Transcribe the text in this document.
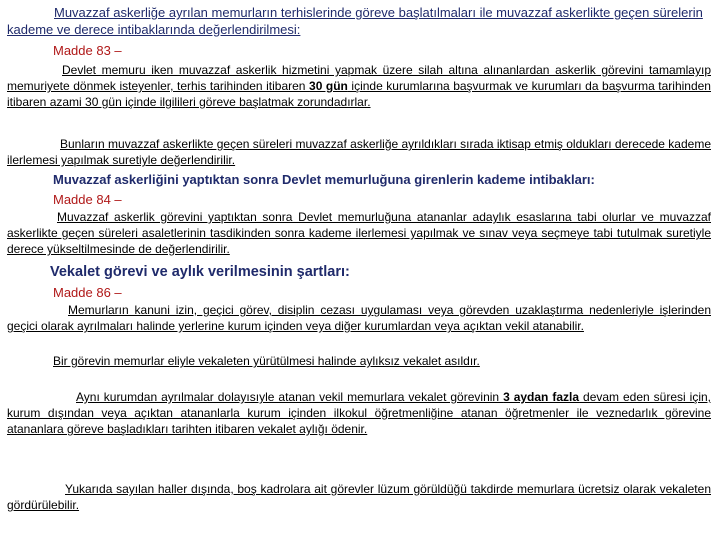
Muvazzaf askerliğe ayrılan memurların terhislerinde göreve başlatılmaları ile muvazzaf askerlikte geçen sürelerin kademe ve derece intibaklarında değerlendirilmesi:
Madde 83 –
Devlet memuru iken muvazzaf askerlik hizmetini yapmak üzere silah altına alınanlardan askerlik görevini tamamlayıp memuriyete dönmek isteyenler, terhis tarihinden itibaren 30 gün içinde kurumlarına başvurmak ve kurumları da başvurma tarihinden itibaren azami 30 gün içinde ilgilileri göreve başlatmak zorundadırlar.
Bunların muvazzaf askerlikte geçen süreleri muvazzaf askerliğe ayrıldıkları sırada iktisap etmiş oldukları derecede kademe ilerlemesi yapılmak suretiyle değerlendirilir.
Muvazzaf askerliğini yaptıktan sonra Devlet memurluğuna girenlerin kademe intibakları:
Madde 84 –
Muvazzaf askerlik görevini yaptıktan sonra Devlet memurluğuna atananlar adaylık esaslarına tabi olurlar ve muvazzaf askerlikte geçen süreleri asaletlerinin tasdikinden sonra kademe ilerlemesi yapılmak ve sınav veya seçmeye tabi tutulmak suretiyle derece yükseltilmesinde de değerlendirilir.
Vekalet görevi ve aylık verilmesinin şartları:
Madde 86 –
Memurların kanuni izin, geçici görev, disiplin cezası uygulaması veya görevden uzaklaştırma nedenleriyle işlerinden geçici olarak ayrılmaları halinde yerlerine kurum içinden veya diğer kurumlardan veya açıktan vekil atanabilir.
Bir görevin memurlar eliyle vekaleten yürütülmesi halinde aylıksız vekalet asıldır.
Aynı kurumdan ayrılmalar dolayısıyle atanan vekil memurlara vekalet görevinin 3 aydan fazla devam eden süresi için, kurum dışından veya açıktan atananlarla kurum içinden ilkokul öğretmenliğine atanan öğretmenler ile veznedarlık görevine atananlara göreve başladıkları tarihten itibaren vekalet aylığı ödenir.
Yukarıda sayılan haller dışında, boş kadrolara ait görevler lüzum görüldüğü takdirde memurlara ücretsiz olarak vekaleten gördürülebilir.
